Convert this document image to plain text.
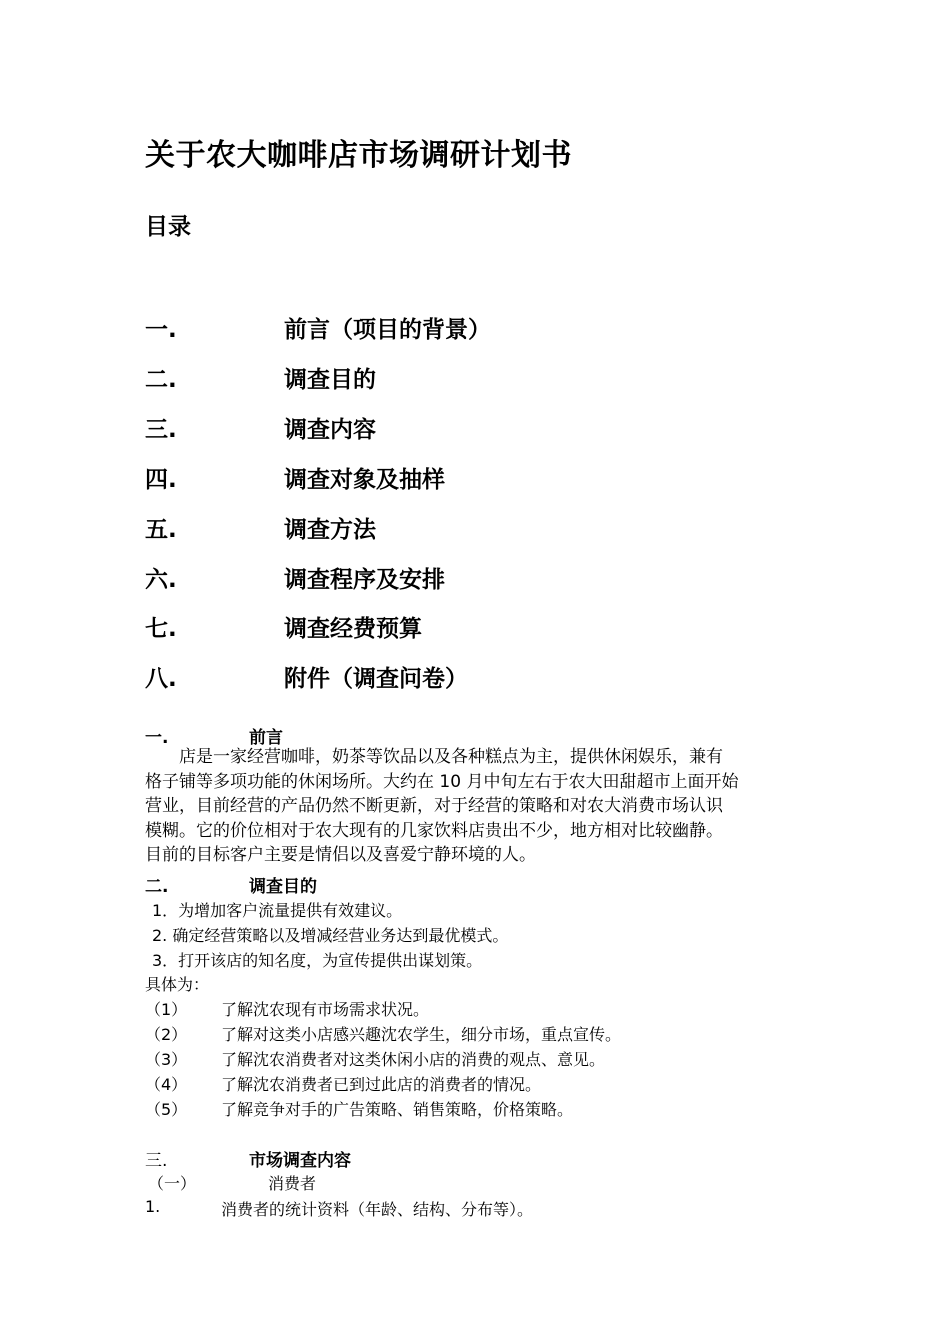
关于农大咖啡店市场调研计划书
目录
一.	前言（项目的背景）
二.	调查目的
三.	调查内容
四.	调查对象及抽样
五.	调查方法
六.	调查程序及安排
七.	调查经费预算
八.	附件（调查问卷）
一.	前言

　　店是一家经营咖啡，奶茶等饮品以及各种糕点为主，提供休闲娱乐，兼有

格子铺等多项功能的休闲场所。大约在 10 月中旬左右于农大田甜超市上面开始

营业，目前经营的产品仍然不断更新，对于经营的策略和对农大消费市场认识

模糊。它的价位相对于农大现有的几家饮料店贵出不少，地方相对比较幽静。

目前的目标客户主要是情侣以及喜爱宁静环境的人。

二.	调查目的
1．为增加客户流量提供有效建议。
2. 确定经营策略以及增减经营业务达到最优模式。
3．打开该店的知名度，为宣传提供出谋划策。
具体为：
（1） 了解沈农现有市场需求状况。
（2） 了解对这类小店感兴趣沈农学生，细分市场，重点宣传。
（3） 了解沈农消费者对这类休闲小店的消费的观点、意见。
（4） 了解沈农消费者已到过此店的消费者的情况。
（5） 了解竞争对手的广告策略、销售策略，价格策略。
三.	市场调查内容
（一）	消费者
1.	消费者的统计资料（年龄、结构、分布等）。
